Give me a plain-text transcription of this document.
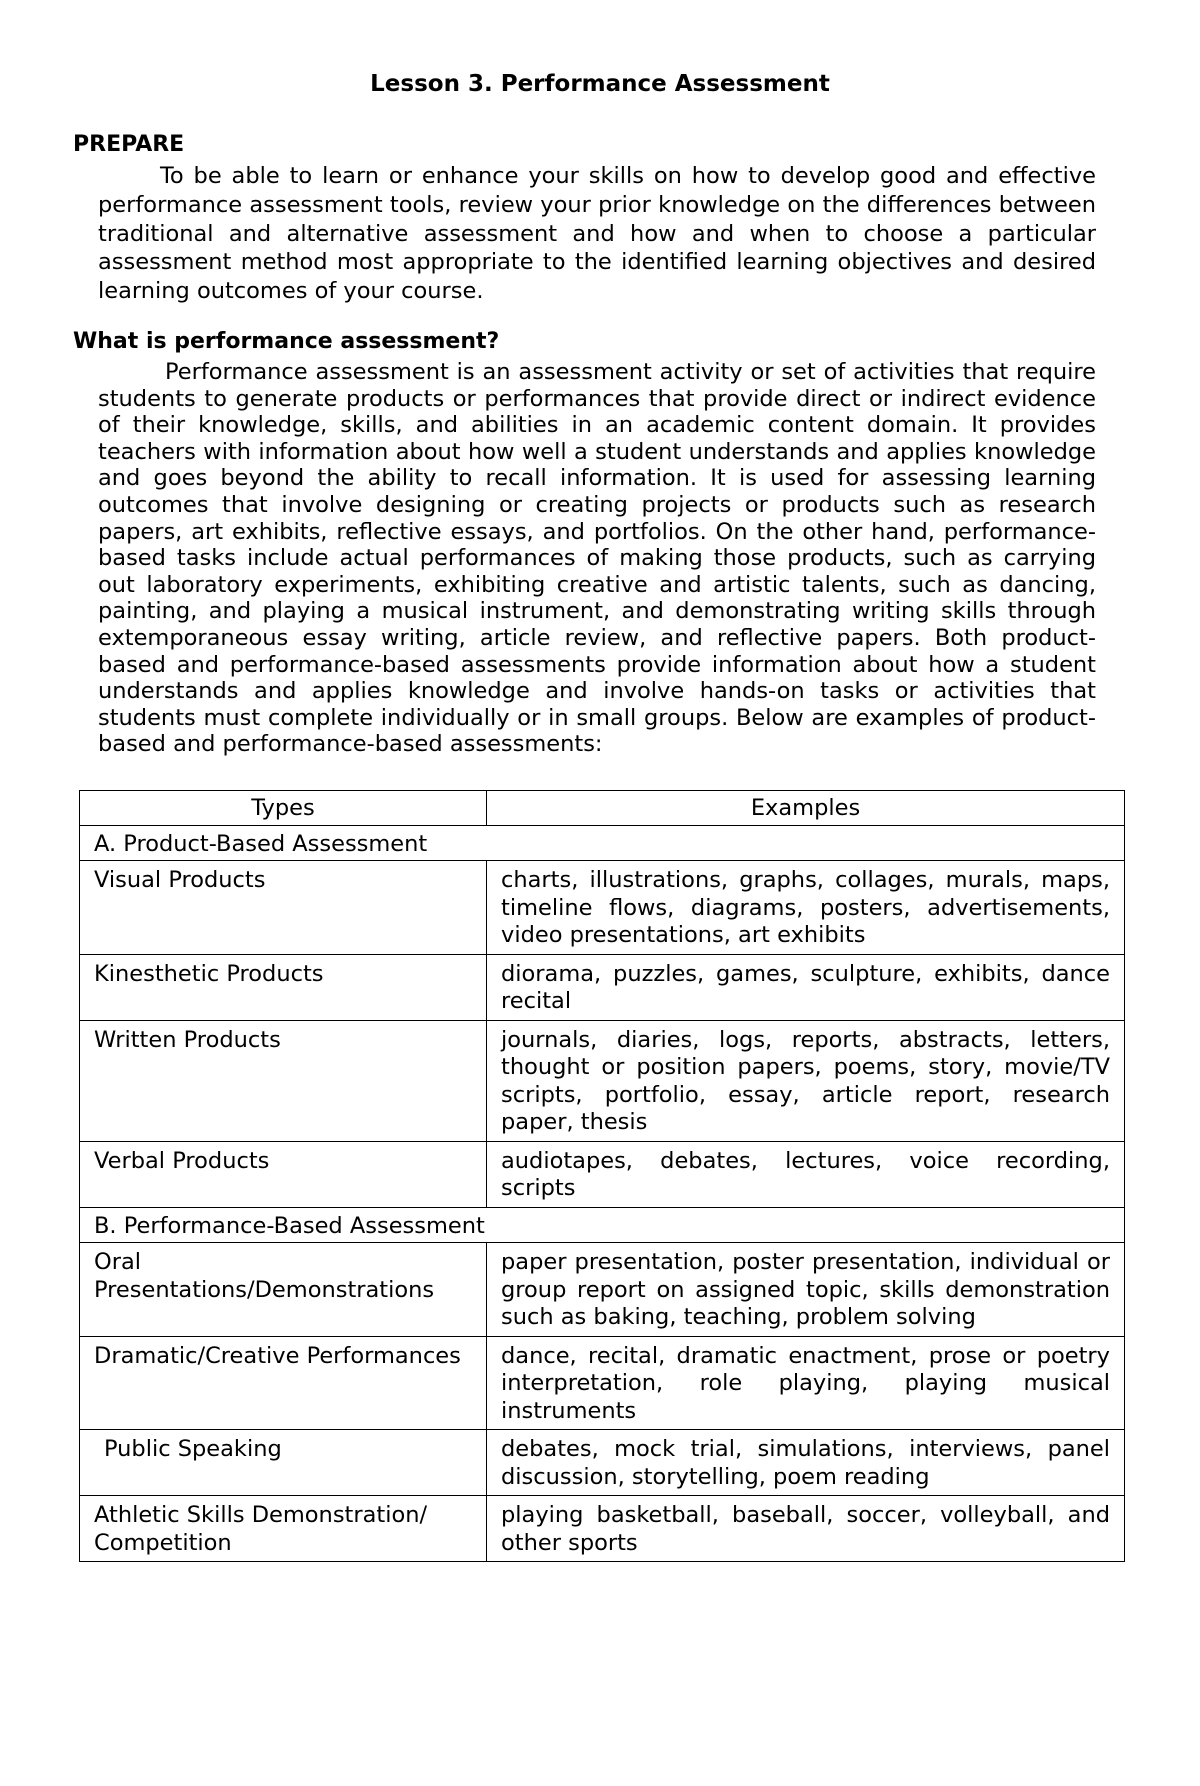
Lesson 3. Performance Assessment
PREPARE

To be able to learn or enhance your skills on how to develop good and effective performance assessment tools, review your prior knowledge on the differences between traditional and alternative assessment and how and when to choose a particular assessment method most appropriate to the identified learning objectives and desired learning outcomes of your course.

What is performance assessment?

Performance assessment is an assessment activity or set of activities that require students to generate products or performances that provide direct or indirect evidence of their knowledge, skills, and abilities in an academic content domain. It provides teachers with information about how well a student understands and applies knowledge and goes beyond the ability to recall information. It is used for assessing learning outcomes that involve designing or creating projects or products such as research papers, art exhibits, reflective essays, and portfolios. On the other hand, performance-based tasks include actual performances of making those products, such as carrying out laboratory experiments, exhibiting creative and artistic talents, such as dancing, painting, and playing a musical instrument, and demonstrating writing skills through extemporaneous essay writing, article review, and reflective papers. Both product-based and performance-based assessments provide information about how a student understands and applies knowledge and involve hands-on tasks or activities that students must complete individually or in small groups. Below are examples of product-based and performance-based assessments:

Types	Examples
A. Product-Based Assessment	
Visual Products	charts, illustrations, graphs, collages, murals, maps, timeline flows, diagrams, posters, advertisements, video presentations, art exhibits
Kinesthetic Products	diorama, puzzles, games, sculpture, exhibits, dance recital
Written Products	journals, diaries, logs, reports, abstracts, letters, thought or position papers, poems, story, movie/TV scripts, portfolio, essay, article report, research paper, thesis
Verbal Products	audiotapes, debates, lectures, voice recording, scripts
B. Performance-Based Assessment	
Oral Presentations/Demonstrations	paper presentation, poster presentation, individual or group report on assigned topic, skills demonstration such as baking, teaching, problem solving
Dramatic/Creative Performances	dance, recital, dramatic enactment, prose or poetry interpretation, role playing, playing musical instruments
Public Speaking	debates, mock trial, simulations, interviews, panel discussion, storytelling, poem reading
Athletic Skills Demonstration/ Competition	playing basketball, baseball, soccer, volleyball, and other sports
